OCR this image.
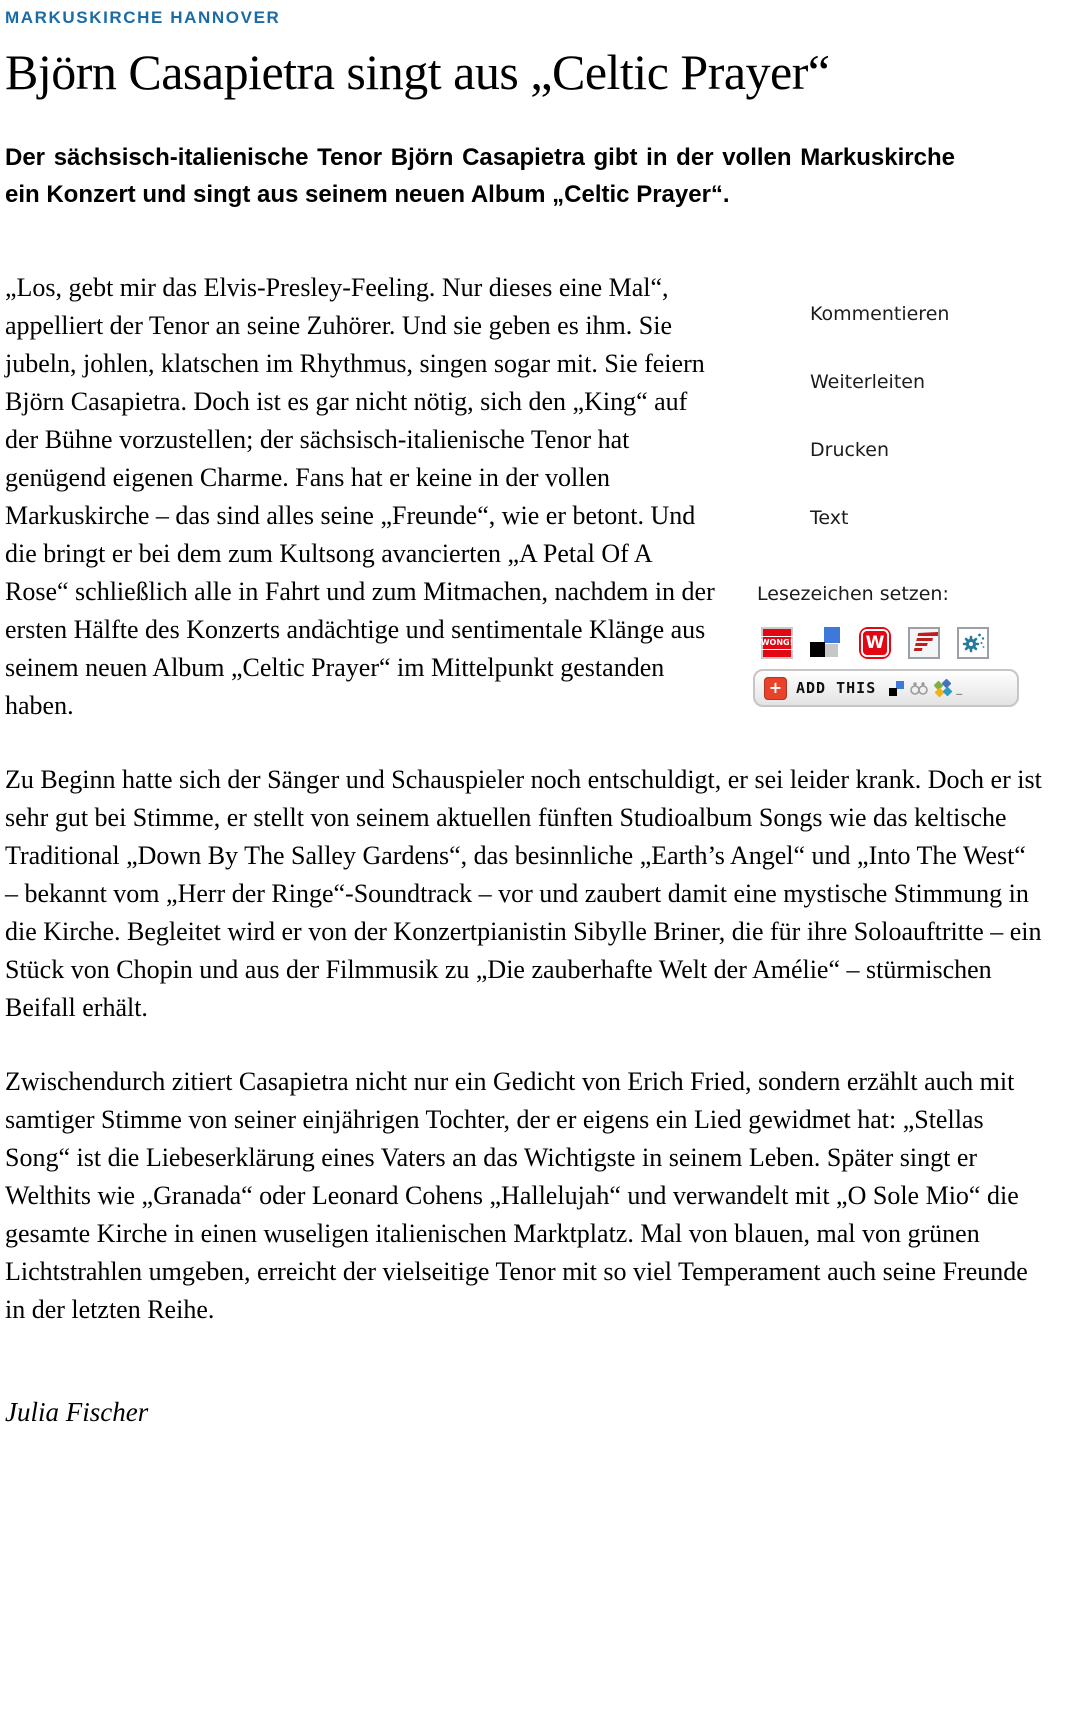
MARKUSKIRCHE HANNOVER
Björn Casapietra singt aus „Celtic Prayer“

Der sächsisch-italienische Tenor Björn Casapietra gibt in der vollen Markuskirche ein Konzert und singt aus seinem neuen Album „Celtic Prayer“.

Kommentieren
Weiterleiten
Drucken
Text
Lesezeichen setzen:
WONG!	W
+ ADD THIS	_

„Los, gebt mir das Elvis-Presley-Feeling. Nur dieses eine Mal“, appelliert der Tenor an seine Zuhörer. Und sie geben es ihm. Sie jubeln, johlen, klatschen im Rhythmus, singen sogar mit. Sie feiern Björn Casapietra. Doch ist es gar nicht nötig, sich den „King“ auf der Bühne vorzustellen; der sächsisch-italienische Tenor hat genügend eigenen Charme. Fans hat er keine in der vollen Markuskirche – das sind alles seine „Freunde“, wie er betont. Und die bringt er bei dem zum Kultsong avancierten „A Petal Of A Rose“ schließlich alle in Fahrt und zum Mitmachen, nachdem in der ersten Hälfte des Konzerts andächtige und sentimentale Klänge aus seinem neuen Album „Celtic Prayer“ im Mittelpunkt gestanden haben.

Zu Beginn hatte sich der Sänger und Schauspieler noch entschuldigt, er sei leider krank. Doch er ist sehr gut bei Stimme, er stellt von seinem aktuellen fünften Studioalbum Songs wie das keltische Traditional „Down By The Salley Gardens“, das besinnliche „Earth’s Angel“ und „Into The West“ – bekannt vom „Herr der Ringe“-Soundtrack – vor und zaubert damit eine mystische Stimmung in die Kirche. Begleitet wird er von der Konzertpianistin Sibylle Briner, die für ihre Soloauftritte – ein Stück von Chopin und aus der Filmmusik zu „Die zauberhafte Welt der Amélie“ – stürmischen Beifall erhält.

Zwischendurch zitiert Casapietra nicht nur ein Gedicht von Erich Fried, sondern erzählt auch mit samtiger Stimme von seiner einjährigen Tochter, der er eigens ein Lied gewidmet hat: „Stellas Song“ ist die Liebeserklärung eines Vaters an das Wichtigste in seinem Leben. Später singt er Welthits wie „Granada“ oder Leonard Cohens „Hallelujah“ und verwandelt mit „O Sole Mio“ die gesamte Kirche in einen wuseligen italienischen Marktplatz. Mal von blauen, mal von grünen Lichtstrahlen umgeben, erreicht der vielseitige Tenor mit so viel Temperament auch seine Freunde in der letzten Reihe.

Julia Fischer
